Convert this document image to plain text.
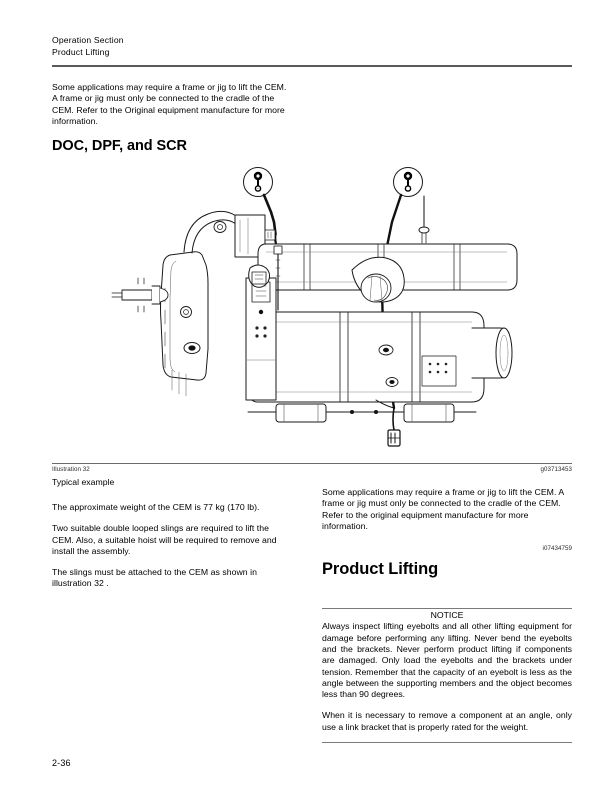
Operation Section
Product Lifting

Some applications may require a frame or jig to lift the CEM. A frame or jig must only be connected to the cradle of the CEM. Refer to the Original equipment manufacture for more information.

DOC, DPF, and SCR
Illustration 32	g03713453
Typical example

The approximate weight of the CEM is 77 kg (170 lb).

Two suitable double looped slings are required to lift the CEM. Also, a suitable hoist will be required to remove and install the assembly.

The slings must be attached to the CEM as shown in illustration 32 .

Some applications may require a frame or jig to lift the CEM. A frame or jig must only be connected to the cradle of the CEM. Refer to the original equipment manufacture for more information.

i07434759
Product Lifting
NOTICE

Always inspect lifting eyebolts and all other lifting equipment for damage before performing any lifting. Never bend the eyebolts and the brackets. Never perform product lifting if components are damaged. Only load the eyebolts and the brackets under tension. Remember that the capacity of an eyebolt is less as the angle between the supporting members and the object becomes less than 90 degrees.

When it is necessary to remove a component at an angle, only use a link bracket that is properly rated for the weight.

2-36
